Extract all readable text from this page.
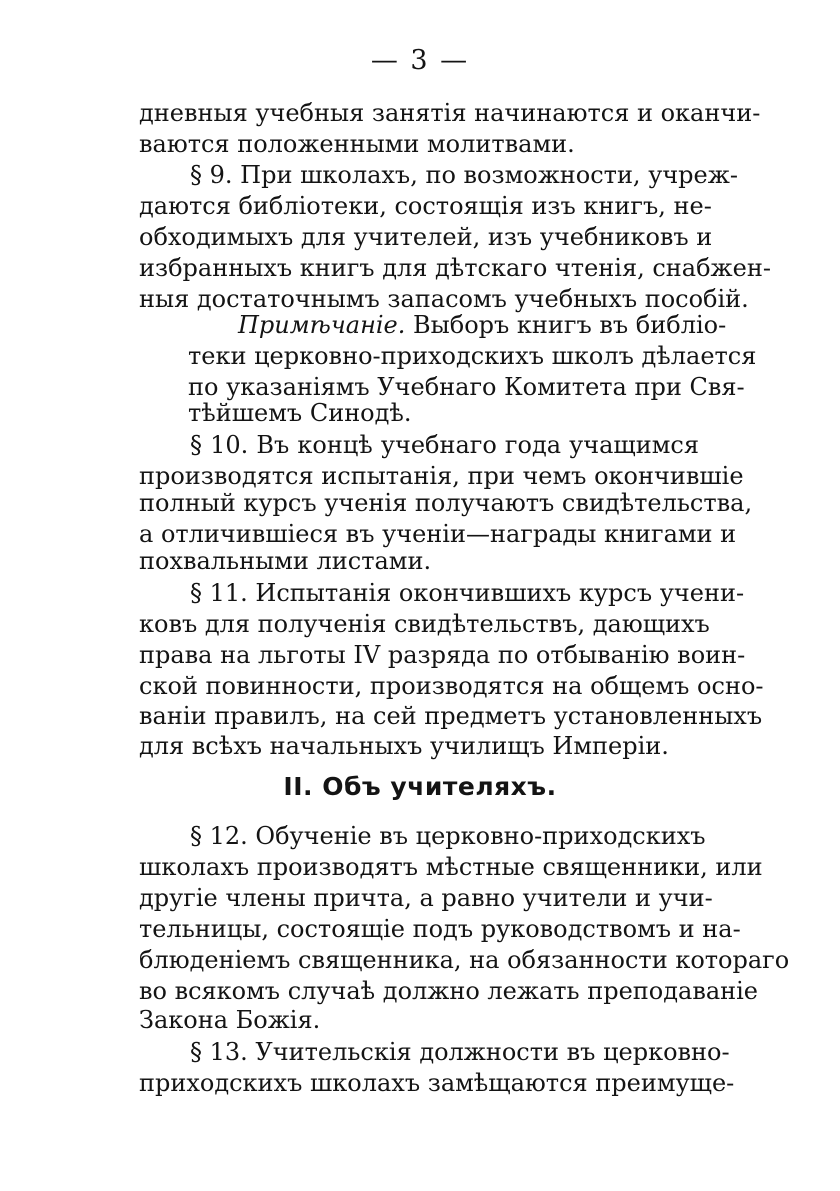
— 3 —
дневныя учебныя занятія начинаются и оканчи-
ваются положенными молитвами.
§ 9. При школахъ, по возможности, учреж-
даются библіотеки, состоящія изъ книгъ, не-
обходимыхъ для учителей, изъ учебниковъ и
избранныхъ книгъ для дѣтскаго чтенія, снабжен-
ныя достаточнымъ запасомъ учебныхъ пособій.
Примѣчаніе. Выборъ книгъ въ библіо-
теки церковно-приходскихъ школъ дѣлается
по указаніямъ Учебнаго Комитета при Свя-
тѣйшемъ Синодѣ.
§ 10. Въ концѣ учебнаго года учащимся
производятся испытанія, при чемъ окончившіе
полный курсъ ученія получаютъ свидѣтельства,
а отличившіеся въ ученіи—награды книгами и
похвальными листами.
§ 11. Испытанія окончившихъ курсъ учени-
ковъ для полученія свидѣтельствъ, дающихъ
права на льготы IV разряда по отбыванію воин-
ской повинности, производятся на общемъ осно-
ваніи правилъ, на сей предметъ установленныхъ
для всѣхъ начальныхъ училищъ Имперіи.
II. Объ учителяхъ.
§ 12. Обученіе въ церковно-приходскихъ
школахъ производятъ мѣстные священники, или
другіе члены причта, а равно учители и учи-
тельницы, состоящіе подъ руководствомъ и на-
блюденіемъ священника, на обязанности котораго
во всякомъ случаѣ должно лежать преподаваніе
Закона Божія.
§ 13. Учительскія должности въ церковно-
приходскихъ школахъ замѣщаются преимуще-
